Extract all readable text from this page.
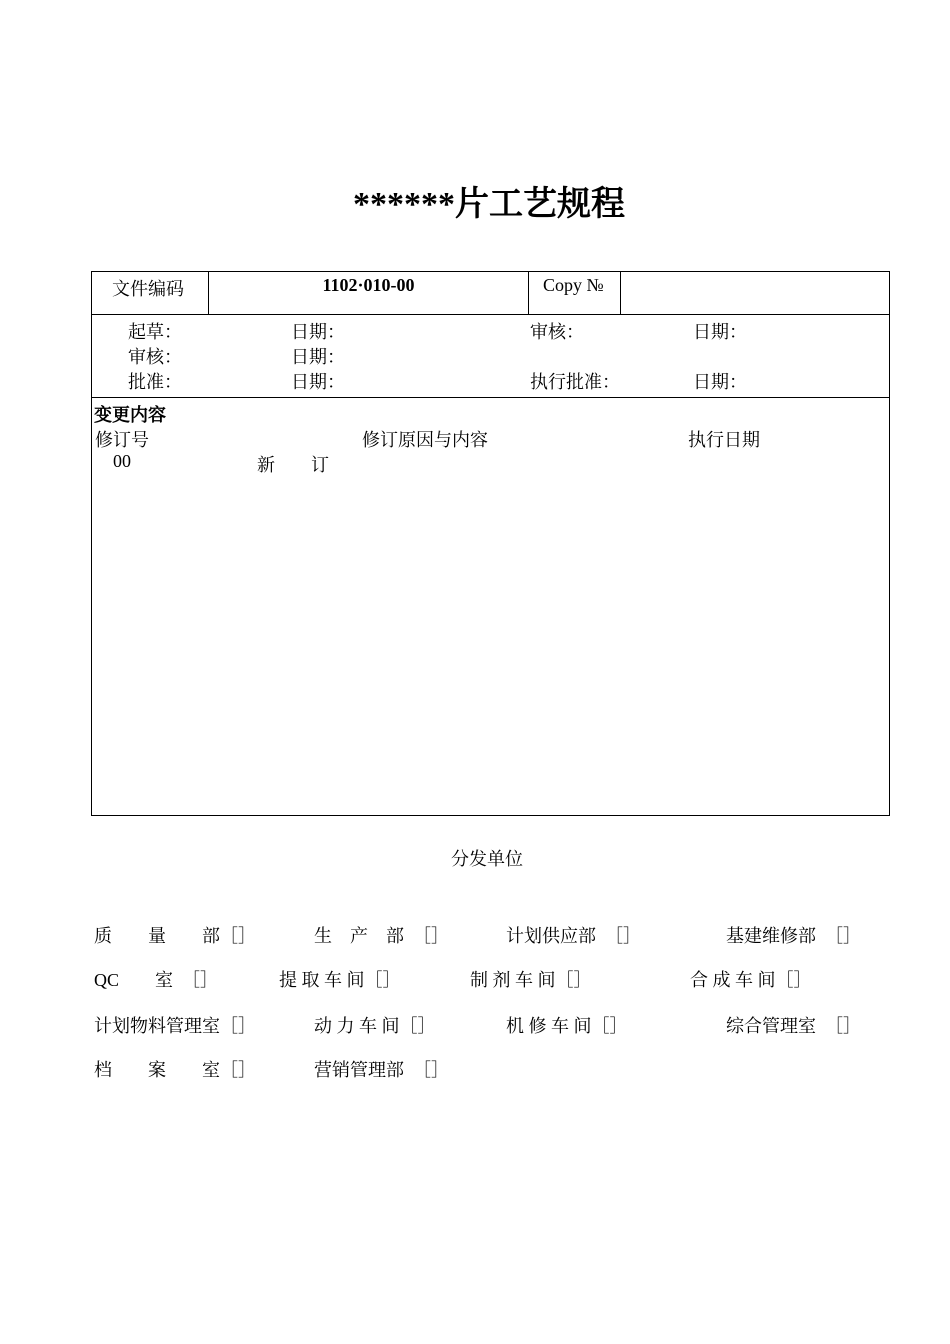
******片工艺规程
文件编码	1102·010-00	Copy №
起草：	日期：	审核：	日期：
审核：	日期：
批准：	日期：	执行批准：	日期：
变更内容
修订号	修订原因与内容	执行日期
00	新　　订
分发单位
质　　量　　部［］	生　产　部　［］	计划供应部　［］	基建维修部　［］
QC　　室　［］	提 取 车 间［］	制 剂 车 间［］	合 成 车 间［］
计划物料管理室［］	动 力 车 间［］	机 修 车 间［］	综合管理室　［］
档　　案　　室［］	营销管理部　［］
